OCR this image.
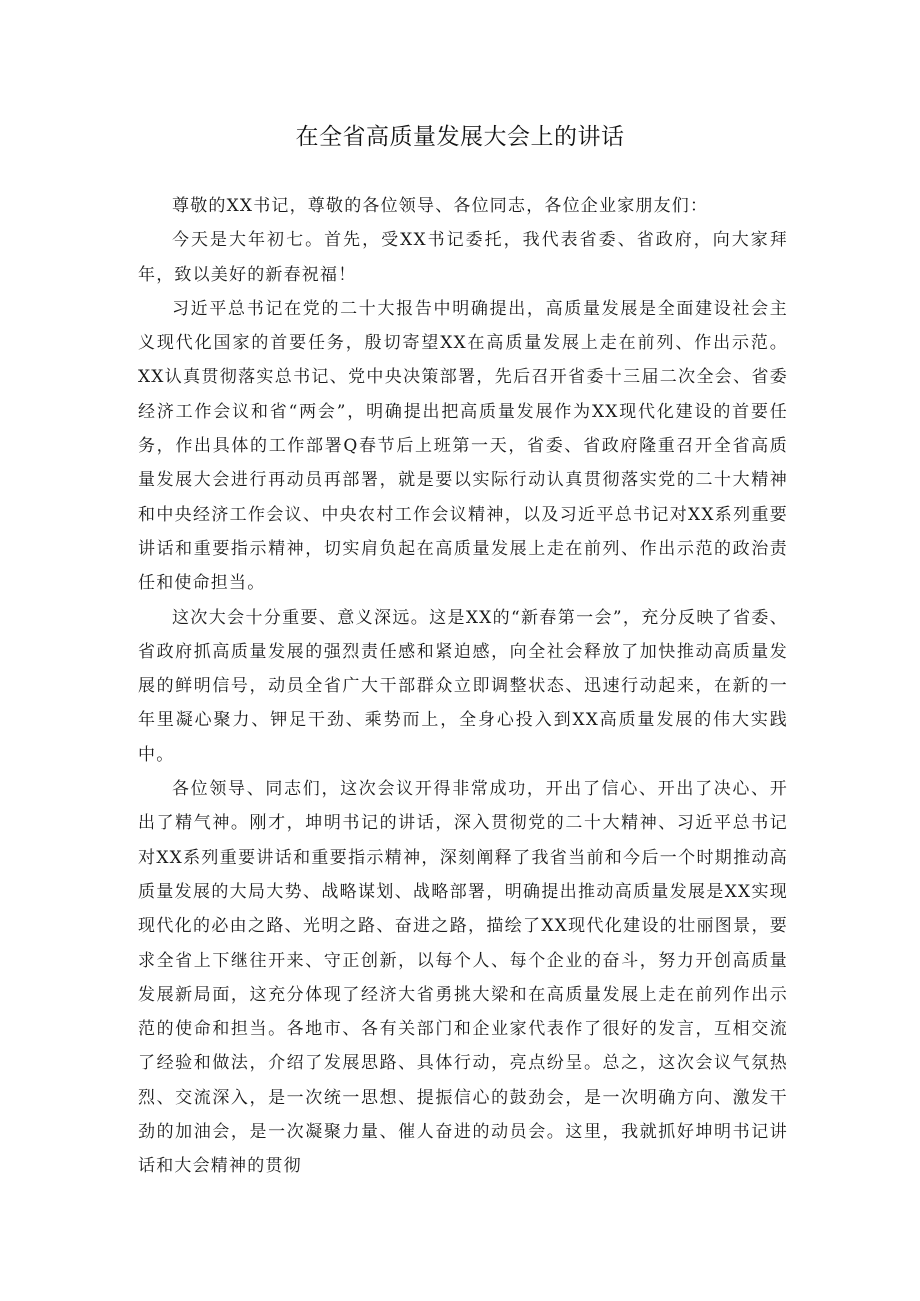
在全省高质量发展大会上的讲话

尊敬的XX书记，尊敬的各位领导、各位同志，各位企业家朋友们：

今天是大年初七。首先，受XX书记委托，我代表省委、省政府，向大家拜年，致以美好的新春祝福！

习近平总书记在党的二十大报告中明确提出，高质量发展是全面建设社会主义现代化国家的首要任务，殷切寄望XX在高质量发展上走在前列、作出示范。XX认真贯彻落实总书记、党中央决策部署，先后召开省委十三届二次全会、省委经济工作会议和省“两会”，明确提出把高质量发展作为XX现代化建设的首要任务，作出具体的工作部署Q春节后上班第一天，省委、省政府隆重召开全省高质量发展大会进行再动员再部署，就是要以实际行动认真贯彻落实党的二十大精神和中央经济工作会议、中央农村工作会议精神，以及习近平总书记对XX系列重要讲话和重要指示精神，切实肩负起在高质量发展上走在前列、作出示范的政治责任和使命担当。

这次大会十分重要、意义深远。这是XX的“新春第一会”，充分反映了省委、省政府抓高质量发展的强烈责任感和紧迫感，向全社会释放了加快推动高质量发展的鲜明信号，动员全省广大干部群众立即调整状态、迅速行动起来，在新的一年里凝心聚力、钾足干劲、乘势而上，全身心投入到XX高质量发展的伟大实践中。

各位领导、同志们，这次会议开得非常成功，开出了信心、开出了决心、开出了精气神。刚才，坤明书记的讲话，深入贯彻党的二十大精神、习近平总书记对XX系列重要讲话和重要指示精神，深刻阐释了我省当前和今后一个时期推动高质量发展的大局大势、战略谋划、战略部署，明确提出推动高质量发展是XX实现现代化的必由之路、光明之路、奋进之路，描绘了XX现代化建设的壮丽图景，要求全省上下继往开来、守正创新，以每个人、每个企业的奋斗，努力开创高质量发展新局面，这充分体现了经济大省勇挑大梁和在高质量发展上走在前列作出示范的使命和担当。各地市、各有关部门和企业家代表作了很好的发言，互相交流了经验和做法，介绍了发展思路、具体行动，亮点纷呈。总之，这次会议气氛热烈、交流深入，是一次统一思想、提振信心的鼓劲会，是一次明确方向、激发干劲的加油会，是一次凝聚力量、催人奋进的动员会。这里，我就抓好坤明书记讲话和大会精神的贯彻
